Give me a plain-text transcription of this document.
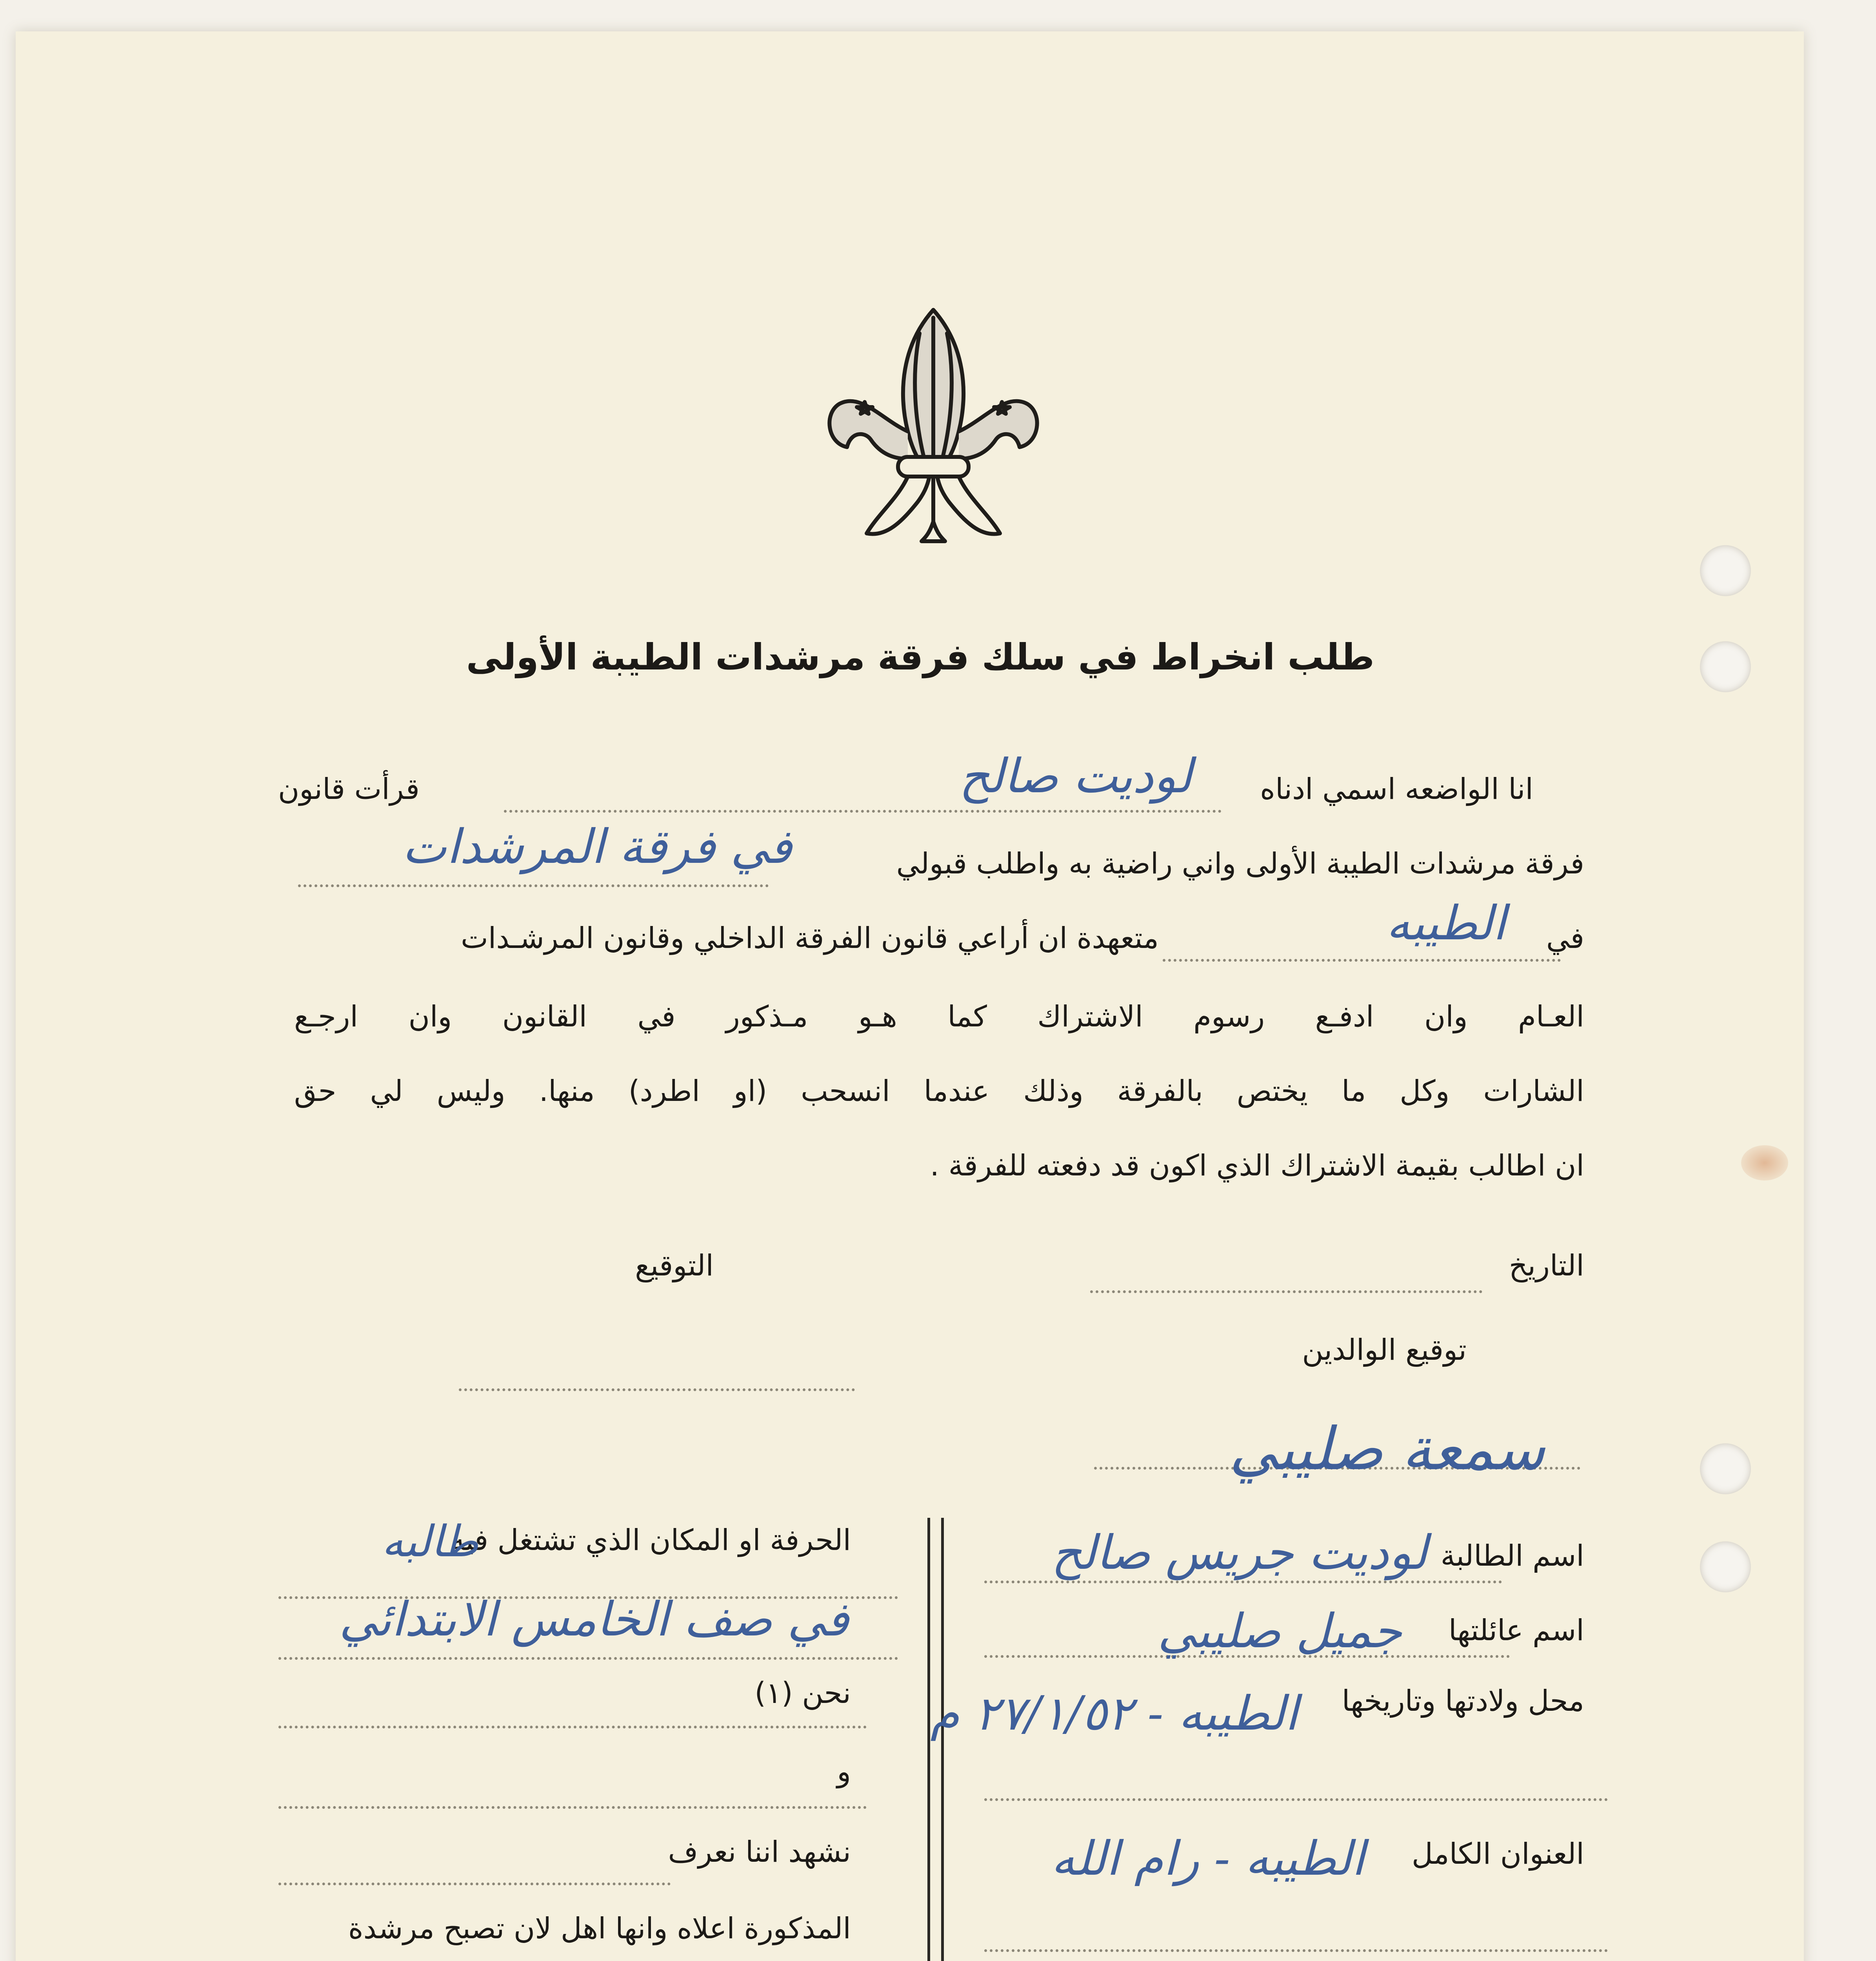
طلب انخراط في سلك فرقة مرشدات الطيبة الأولى
انا الواضعه اسمي ادناه
لوديت صالح
قرأت قانون
فرقة مرشدات الطيبة الأولى واني راضية به واطلب قبولي
في فرقة المرشدات
في
الطيبه
متعهدة ان أراعي قانون الفرقة الداخلي وقانون المرشـدات
العـام وان ادفـع رسوم الاشتراك كما هـو مـذكور في القانون وان ارجـع
الشارات وكل ما يختص بالفرقة وذلك عندما انسحب (او اطرد) منها. وليس لي حق
ان اطالب بقيمة الاشتراك الذي اكون قد دفعته للفرقة .
التاريخ
التوقيع
توقيع الوالدين
سمعة صليبي
اسم الطالبة
لوديت جريس صالح
اسم عائلتها
جميل صليبي
محل ولادتها وتاريخها
الطيبه - ٢٧/١/٥٢ م
العنوان الكامل
الطيبه - رام الله
الحرفة او المكان الذي تشتغل فيه
طالبه
في صف الخامس الابتدائي
نحن (١)
و
نشهد اننا نعرف
المذكورة اعلاه وانها اهل لان تصبح مرشدة
